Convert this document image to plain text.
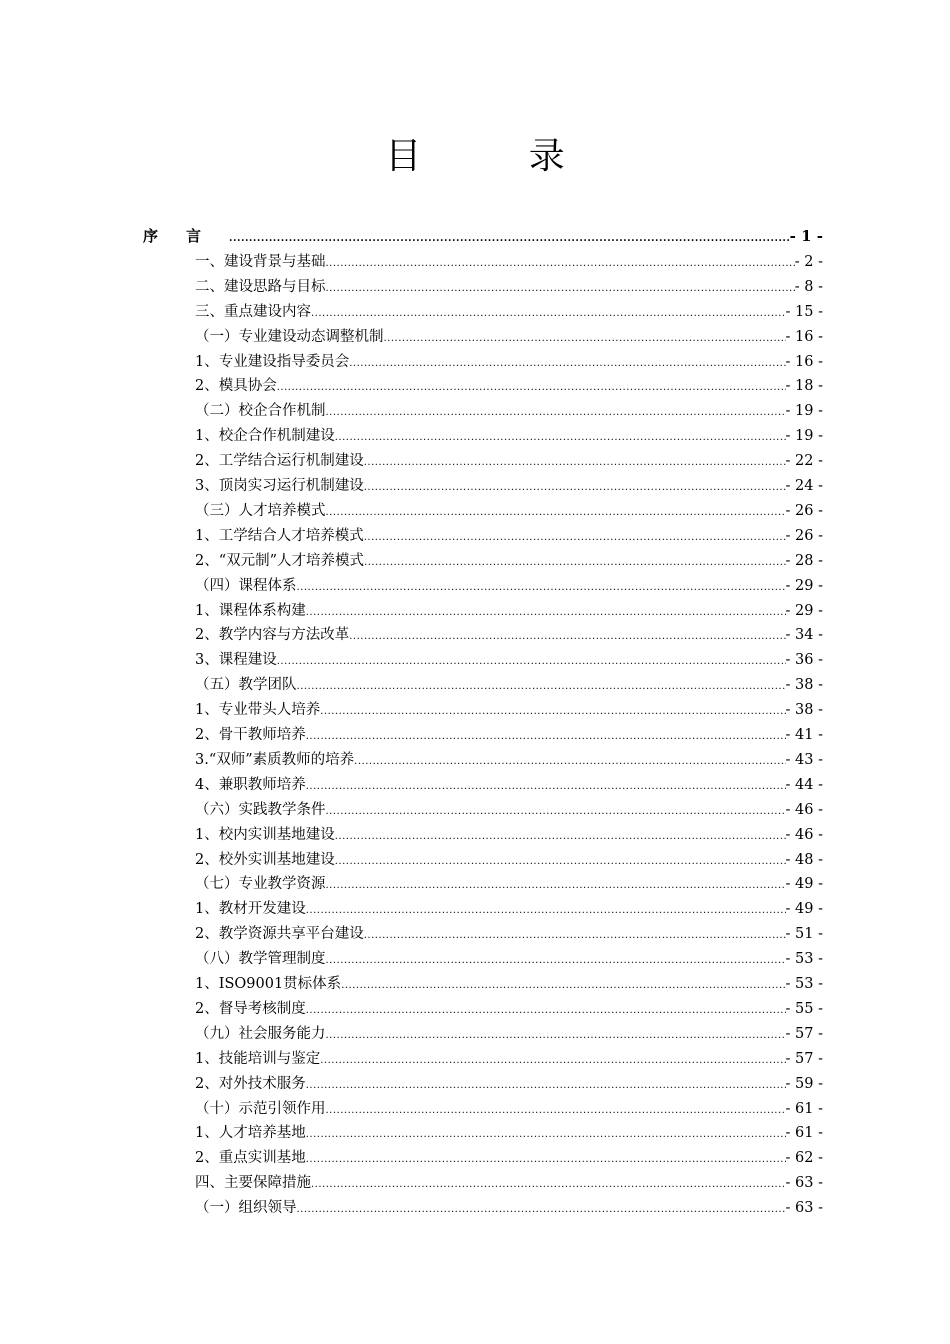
目 录
序言 .....	- 1 -
一、建设背景与基础 .....	- 2 -
二、建设思路与目标 .....	- 8 -
三、重点建设内容 .....	- 15 -
（一）专业建设动态调整机制 .....	- 16 -
1、专业建设指导委员会 .....	- 16 -
2、模具协会 .....	- 18 -
（二）校企合作机制 .....	- 19 -
1、校企合作机制建设 .....	- 19 -
2、工学结合运行机制建设 .....	- 22 -
3、顶岗实习运行机制建设 .....	- 24 -
（三）人才培养模式 .....	- 26 -
1、工学结合人才培养模式 .....	- 26 -
2、“双元制”人才培养模式 .....	- 28 -
（四）课程体系 .....	- 29 -
1、课程体系构建 .....	- 29 -
2、教学内容与方法改革 .....	- 34 -
3、课程建设 .....	- 36 -
（五）教学团队 .....	- 38 -
1、专业带头人培养 .....	- 38 -
2、骨干教师培养 .....	- 41 -
3.“双师”素质教师的培养 .....	- 43 -
4、兼职教师培养 .....	- 44 -
（六）实践教学条件 .....	- 46 -
1、校内实训基地建设 .....	- 46 -
2、校外实训基地建设 .....	- 48 -
（七）专业教学资源 .....	- 49 -
1、教材开发建设 .....	- 49 -
2、教学资源共享平台建设 .....	- 51 -
（八）教学管理制度 .....	- 53 -
1、ISO9001贯标体系 .....	- 53 -
2、督导考核制度 .....	- 55 -
（九）社会服务能力 .....	- 57 -
1、技能培训与鉴定 .....	- 57 -
2、对外技术服务 .....	- 59 -
（十）示范引领作用 .....	- 61 -
1、人才培养基地 .....	- 61 -
2、重点实训基地 .....	- 62 -
四、主要保障措施 .....	- 63 -
（一）组织领导 .....	- 63 -
